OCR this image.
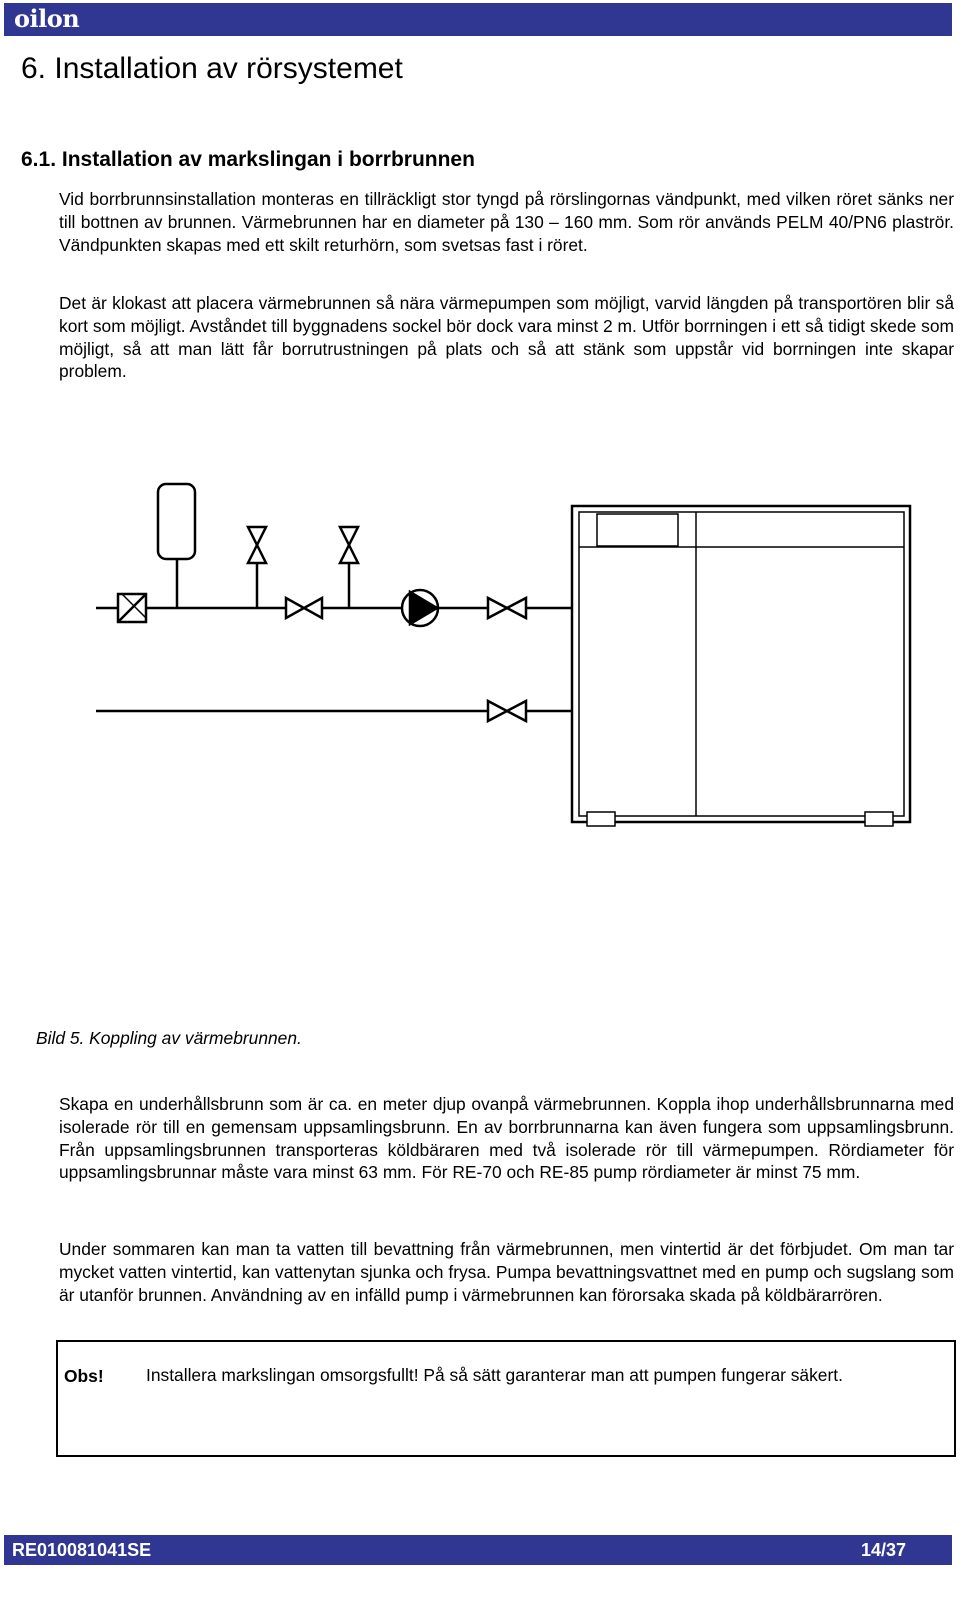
oilon
6. Installation av rörsystemet
6.1. Installation av markslingan i borrbrunnen

Vid borrbrunnsinstallation monteras en tillräckligt stor tyngd på rörslingornas vändpunkt, med vilken röret sänks ner till bottnen av brunnen. Värmebrunnen har en diameter på 130 – 160 mm. Som rör används PELM 40/PN6 plaströr. Vändpunkten skapas med ett skilt returhörn, som svetsas fast i röret.

Det är klokast att placera värmebrunnen så nära värmepumpen som möjligt, varvid längden på transportören blir så kort som möjligt. Avståndet till byggnadens sockel bör dock vara minst 2 m. Utför borrningen i ett så tidigt skede som möjligt, så att man lätt får borrutrustningen på plats och så att stänk som uppstår vid borrningen inte skapar problem.

Bild 5. Koppling av värmebrunnen.

Skapa en underhållsbrunn som är ca. en meter djup ovanpå värmebrunnen. Koppla ihop underhållsbrunnarna med isolerade rör till en gemensam uppsamlingsbrunn. En av borrbrunnarna kan även fungera som uppsamlingsbrunn. Från uppsamlingsbrunnen transporteras köldbäraren med två isolerade rör till värmepumpen. Rördiameter för uppsamlingsbrunnar måste vara minst 63 mm. För RE-70 och RE-85 pump rördiameter är minst 75 mm.

Under sommaren kan man ta vatten till bevattning från värmebrunnen, men vintertid är det förbjudet. Om man tar mycket vatten vintertid, kan vattenytan sjunka och frysa. Pumpa bevattningsvattnet med en pump och sugslang som är utanför brunnen. Användning av en infälld pump i värmebrunnen kan förorsaka skada på köldbärarrören.

Obs! Installera markslingan omsorgsfullt! På så sätt garanterar man att pumpen fungerar säkert.
RE010081041SE	14/37
